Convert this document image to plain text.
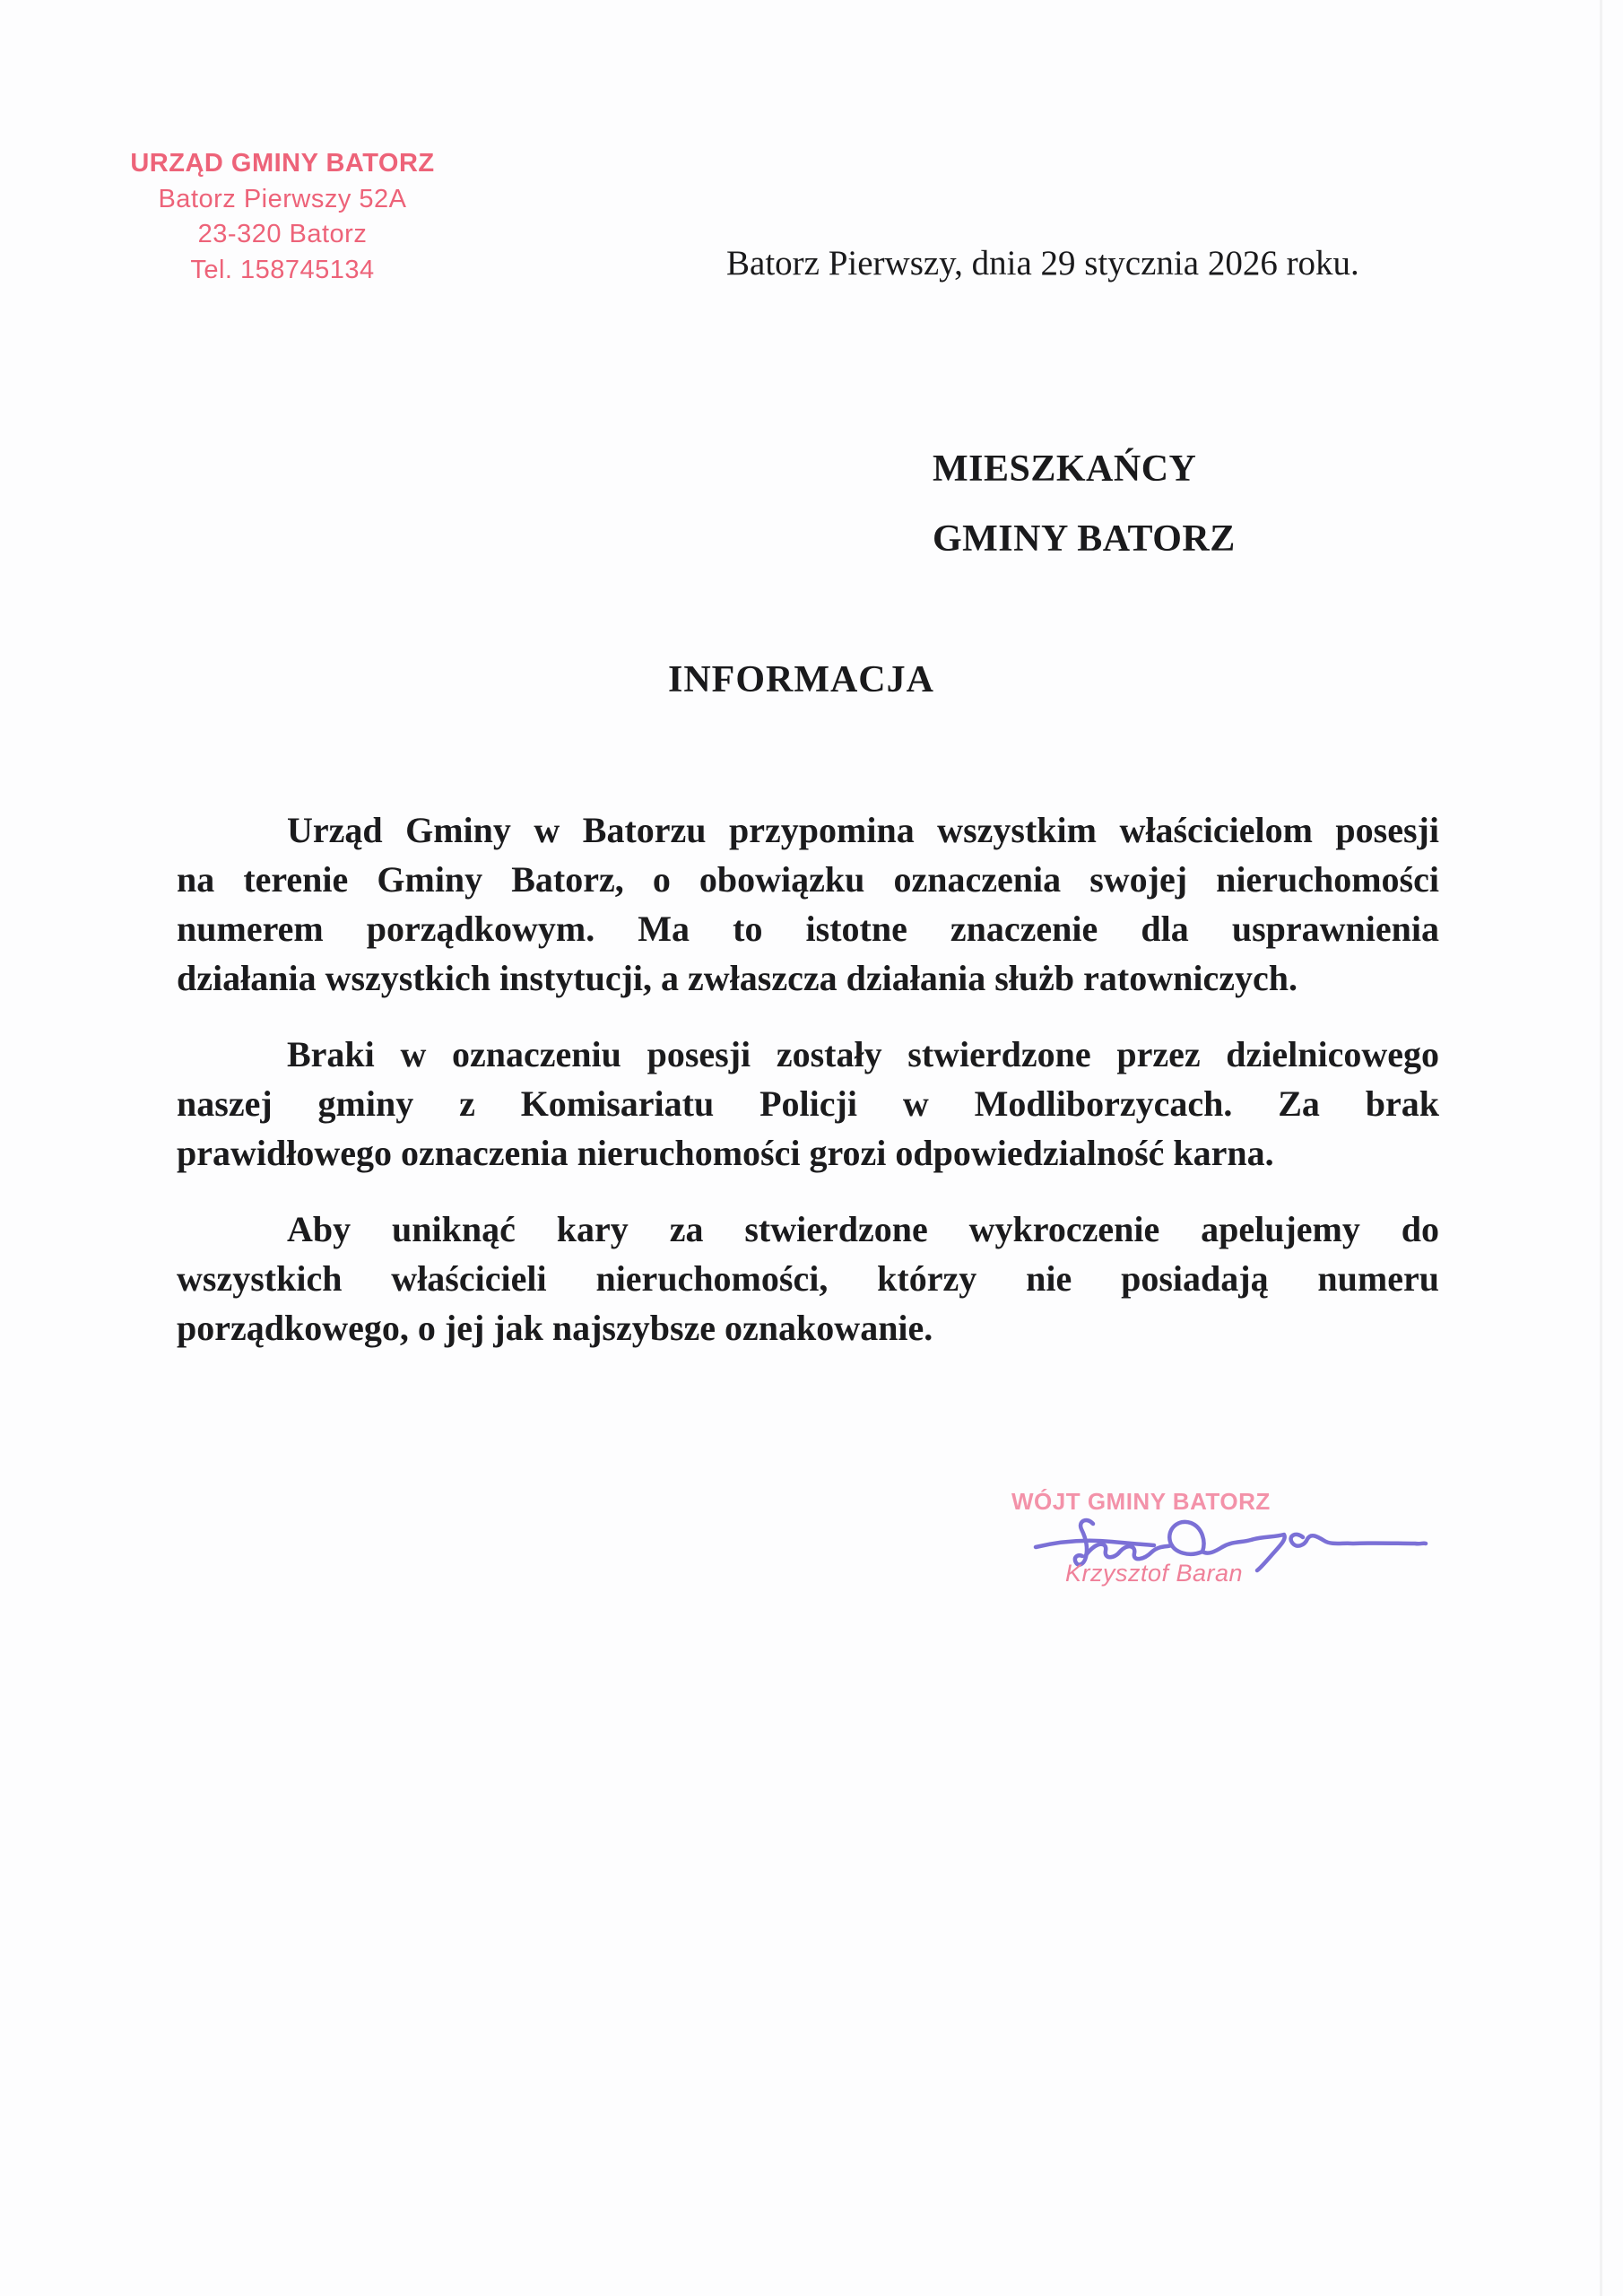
URZĄD GMINY BATORZ
Batorz Pierwszy 52A
23-320 Batorz
Tel. 158745134	Batorz Pierwszy, dnia 29 stycznia 2026 roku.
MIESZKAŃCY
GMINY BATORZ
INFORMACJA
Urząd Gminy w Batorzu przypomina wszystkim właścicielom posesji
na terenie Gminy Batorz, o obowiązku oznaczenia swojej nieruchomości
numerem porządkowym. Ma to istotne znaczenie dla usprawnienia
działania wszystkich instytucji, a zwłaszcza działania służb ratowniczych.
Braki w oznaczeniu posesji zostały stwierdzone przez dzielnicowego
naszej gminy z Komisariatu Policji w Modliborzycach. Za brak
prawidłowego oznaczenia nieruchomości grozi odpowiedzialność karna.
Aby uniknąć kary za stwierdzone wykroczenie apelujemy do
wszystkich właścicieli nieruchomości, którzy nie posiadają numeru
porządkowego, o jej jak najszybsze oznakowanie.
WÓJT GMINY BATORZ
Krzysztof Baran
